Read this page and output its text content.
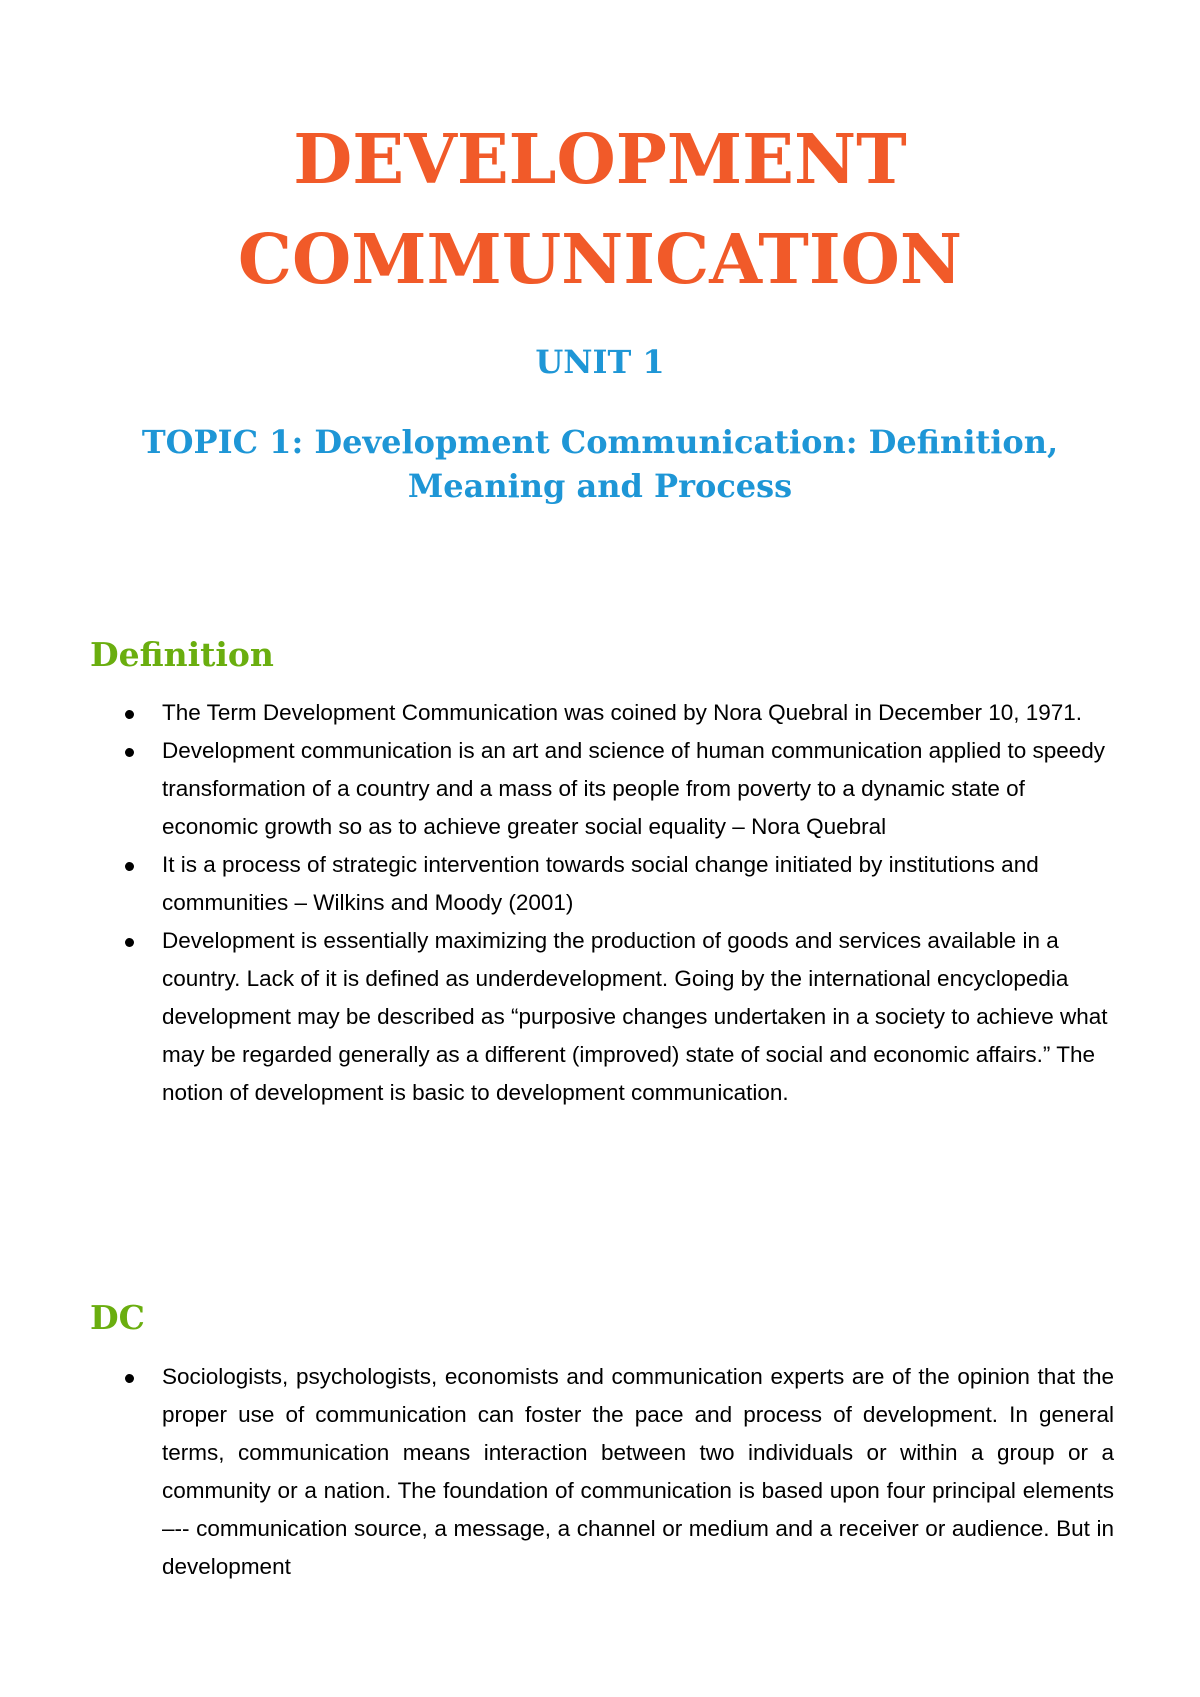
DEVELOPMENT
COMMUNICATION
UNIT 1
TOPIC 1: Development Communication: Definition, Meaning and Process
Definition
The Term Development Communication was coined by Nora Quebral in December 10, 1971.
Development communication is an art and science of human communication applied to speedy transformation of a country and a mass of its people from poverty to a dynamic state of economic growth so as to achieve greater social equality – Nora Quebral
It is a process of strategic intervention towards social change initiated by institutions and communities – Wilkins and Moody (2001)
Development is essentially maximizing the production of goods and services available in a country. Lack of it is defined as underdevelopment. Going by the international encyclopedia development may be described as “purposive changes undertaken in a society to achieve what may be regarded generally as a different (improved) state of social and economic affairs.” The notion of development is basic to development communication.
DC
Sociologists, psychologists, economists and communication experts are of the opinion that the proper use of communication can foster the pace and process of development. In general terms, communication means interaction between two individuals or within a group or a community or a nation. The foundation of communication is based upon four principal elements –-- communication source, a message, a channel or medium and a receiver or audience. But in development
